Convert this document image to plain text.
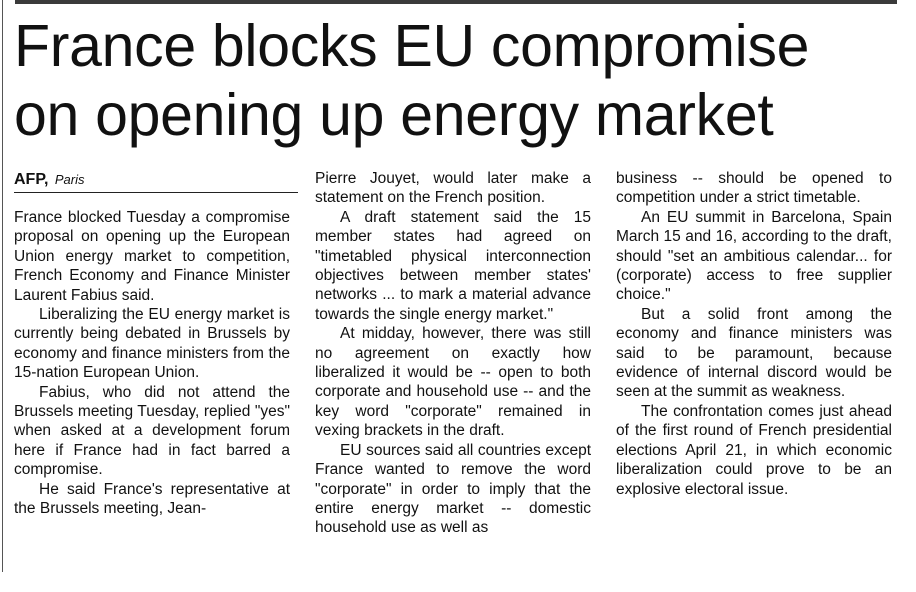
France blocks EU compromise
on opening up energy market
AFP, Paris

France blocked Tuesday a compromise proposal on opening up the European Union energy market to competition, French Economy and Finance Minister Laurent Fabius said.

Liberalizing the EU energy market is currently being debated in Brussels by economy and finance ministers from the 15-nation European Union.

Fabius, who did not attend the Brussels meeting Tuesday, replied "yes" when asked at a development forum here if France had in fact barred a compromise.

He said France's representative at the Brussels meeting, Jean-

Pierre Jouyet, would later make a statement on the French position.

A draft statement said the 15 member states had agreed on "timetabled physical interconnection objectives between member states' networks ... to mark a material advance towards the single energy market."

At midday, however, there was still no agreement on exactly how liberalized it would be -- open to both corporate and household use -- and the key word "corporate" remained in vexing brackets in the draft.

EU sources said all countries except France wanted to remove the word "corporate" in order to imply that the entire energy market -- domestic household use as well as

business -- should be opened to competition under a strict timetable.

An EU summit in Barcelona, Spain March 15 and 16, according to the draft, should "set an ambitious calendar... for (corporate) access to free supplier choice."

But a solid front among the economy and finance ministers was said to be paramount, because evidence of internal discord would be seen at the summit as weakness.

The confrontation comes just ahead of the first round of French presidential elections April 21, in which economic liberalization could prove to be an explosive electoral issue.
